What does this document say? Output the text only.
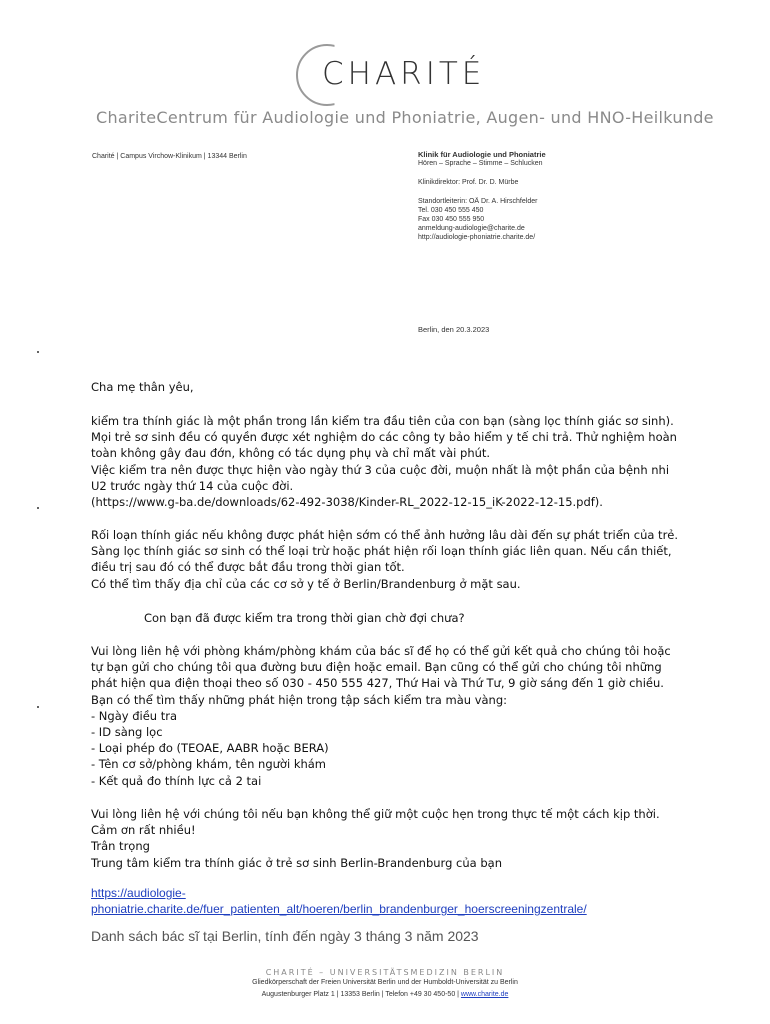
CHARITÉ
ChariteCentrum für Audiologie und Phoniatrie, Augen- und HNO-Heilkunde
Charité | Campus Virchow-Klinikum | 13344 Berlin	Klinik für Audiologie und Phoniatrie
Hören – Sprache – Stimme – Schlucken
Klinikdirektor: Prof. Dr. D. Mürbe
Standortleiterin: OÄ Dr. A. Hirschfelder
Tel. 030 450 555 450
Fax 030 450 555 950
anmeldung-audiologie@charite.de
http://audiologie-phoniatrie.charite.de/
Berlin, den 20.3.2023
Cha mẹ thân yêu,

kiểm tra thính giác là một phần trong lần kiểm tra đầu tiên của con bạn (sàng lọc thính giác sơ sinh).

Mọi trẻ sơ sinh đều có quyền được xét nghiệm do các công ty bảo hiểm y tế chi trả. Thử nghiệm hoàn

toàn không gây đau đớn, không có tác dụng phụ và chỉ mất vài phút.

Việc kiểm tra nên được thực hiện vào ngày thứ 3 của cuộc đời, muộn nhất là một phần của bệnh nhi

U2 trước ngày thứ 14 của cuộc đời.

(https://www.g-ba.de/downloads/62-492-3038/Kinder-RL_2022-12-15_iK-2022-12-15.pdf).

Rối loạn thính giác nếu không được phát hiện sớm có thể ảnh hưởng lâu dài đến sự phát triển của trẻ.

Sàng lọc thính giác sơ sinh có thể loại trừ hoặc phát hiện rối loạn thính giác liên quan. Nếu cần thiết,

điều trị sau đó có thể được bắt đầu trong thời gian tốt.

Có thể tìm thấy địa chỉ của các cơ sở y tế ở Berlin/Brandenburg ở mặt sau.

Con bạn đã được kiểm tra trong thời gian chờ đợi chưa?

Vui lòng liên hệ với phòng khám/phòng khám của bác sĩ để họ có thể gửi kết quả cho chúng tôi hoặc

tự bạn gửi cho chúng tôi qua đường bưu điện hoặc email. Bạn cũng có thể gửi cho chúng tôi những

phát hiện qua điện thoại theo số 030 - 450 555 427, Thứ Hai và Thứ Tư, 9 giờ sáng đến 1 giờ chiều.

Bạn có thể tìm thấy những phát hiện trong tập sách kiểm tra màu vàng:

- Ngày điều tra

- ID sàng lọc

- Loại phép đo (TEOAE, AABR hoặc BERA)

- Tên cơ sở/phòng khám, tên người khám

- Kết quả đo thính lực cả 2 tai

Vui lòng liên hệ với chúng tôi nếu bạn không thể giữ một cuộc hẹn trong thực tế một cách kịp thời.

Cảm ơn rất nhiều!

Trân trọng

Trung tâm kiểm tra thính giác ở trẻ sơ sinh Berlin-Brandenburg của bạn

https://audiologie-
phoniatrie.charite.de/fuer_patienten_alt/hoeren/berlin_brandenburger_hoerscreeningzentrale/
Danh sách bác sĩ tại Berlin, tính đến ngày 3 tháng 3 năm 2023
CHARITÉ – UNIVERSITÄTSMEDIZIN BERLIN
Gliedkörperschaft der Freien Universität Berlin und der Humboldt-Universität zu Berlin
Augustenburger Platz 1 | 13353 Berlin | Telefon +49 30 450-50 | www.charite.de
